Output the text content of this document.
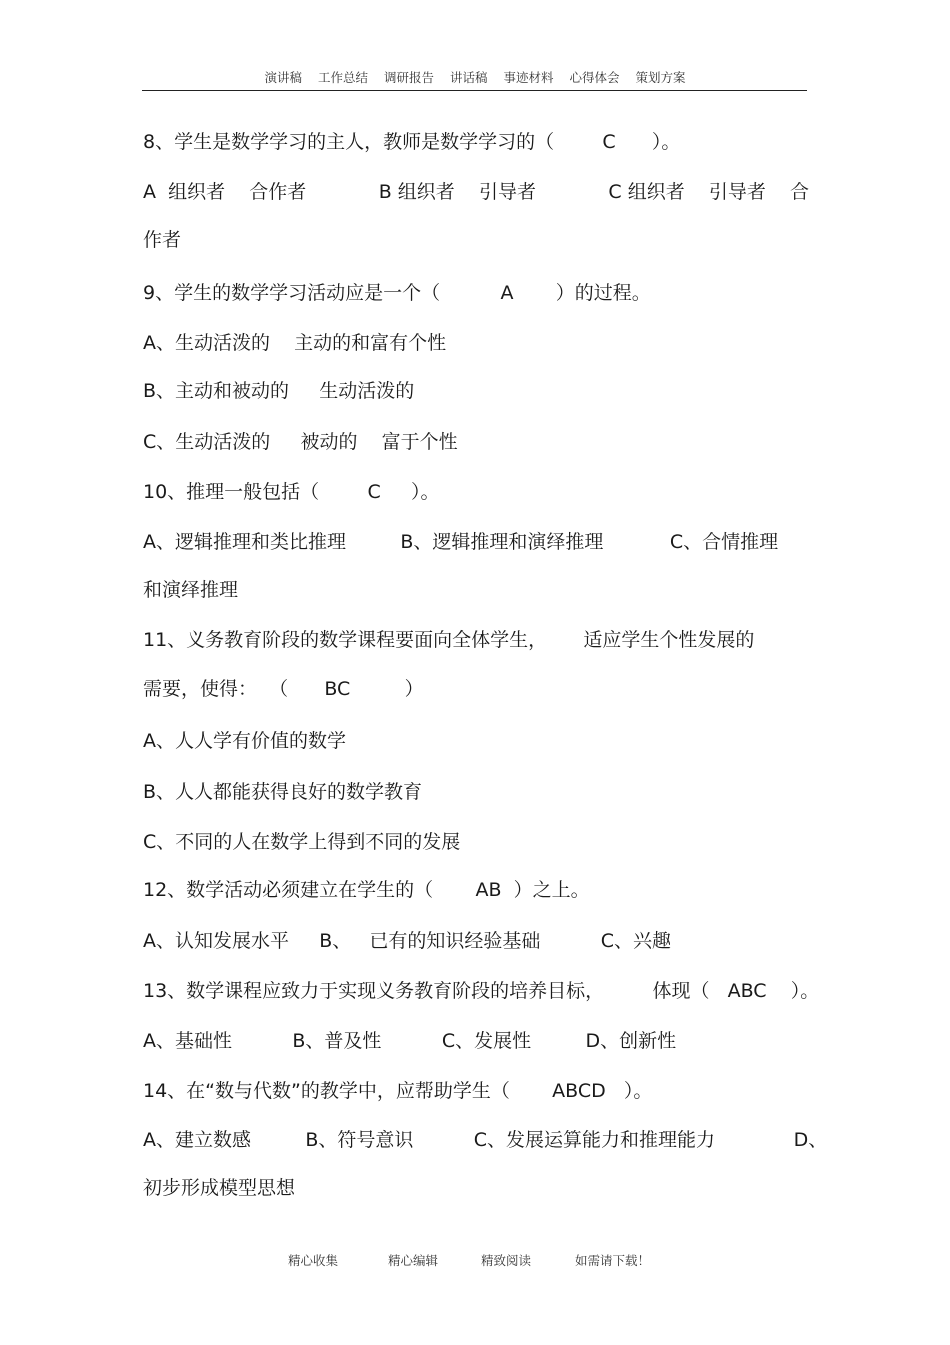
演讲稿 工作总结 调研报告 讲话稿 事迹材料 心得体会 策划方案
8、学生是数学学习的主人，教师是数学学习的（        C      ）。
A  组织者    合作者            B 组织者    引导者            C 组织者    引导者    合
作者
9、学生的数学学习活动应是一个（          A       ）的过程。
A、生动活泼的    主动的和富有个性
B、主动和被动的     生动活泼的
C、生动活泼的     被动的    富于个性
10、推理一般包括（        C     ）。
A、逻辑推理和类比推理         B、逻辑推理和演绎推理           C、合情推理
和演绎推理
11、义务教育阶段的数学课程要面向全体学生，      适应学生个性发展的
需要，使得：  （      BC         ）
A、人人学有价值的数学
B、人人都能获得良好的数学教育
C、不同的人在数学上得到不同的发展
12、数学活动必须建立在学生的（       AB  ）之上。
A、认知发展水平     B、   已有的知识经验基础          C、兴趣
13、数学课程应致力于实现义务教育阶段的培养目标，        体现（   ABC    ）。
A、基础性          B、普及性          C、发展性         D、创新性
14、在“数与代数”的教学中，应帮助学生（       ABCD   ）。
A、建立数感         B、符号意识          C、发展运算能力和推理能力             D、
初步形成模型思想
精心收集	精心编辑	精致阅读	如需请下载！
